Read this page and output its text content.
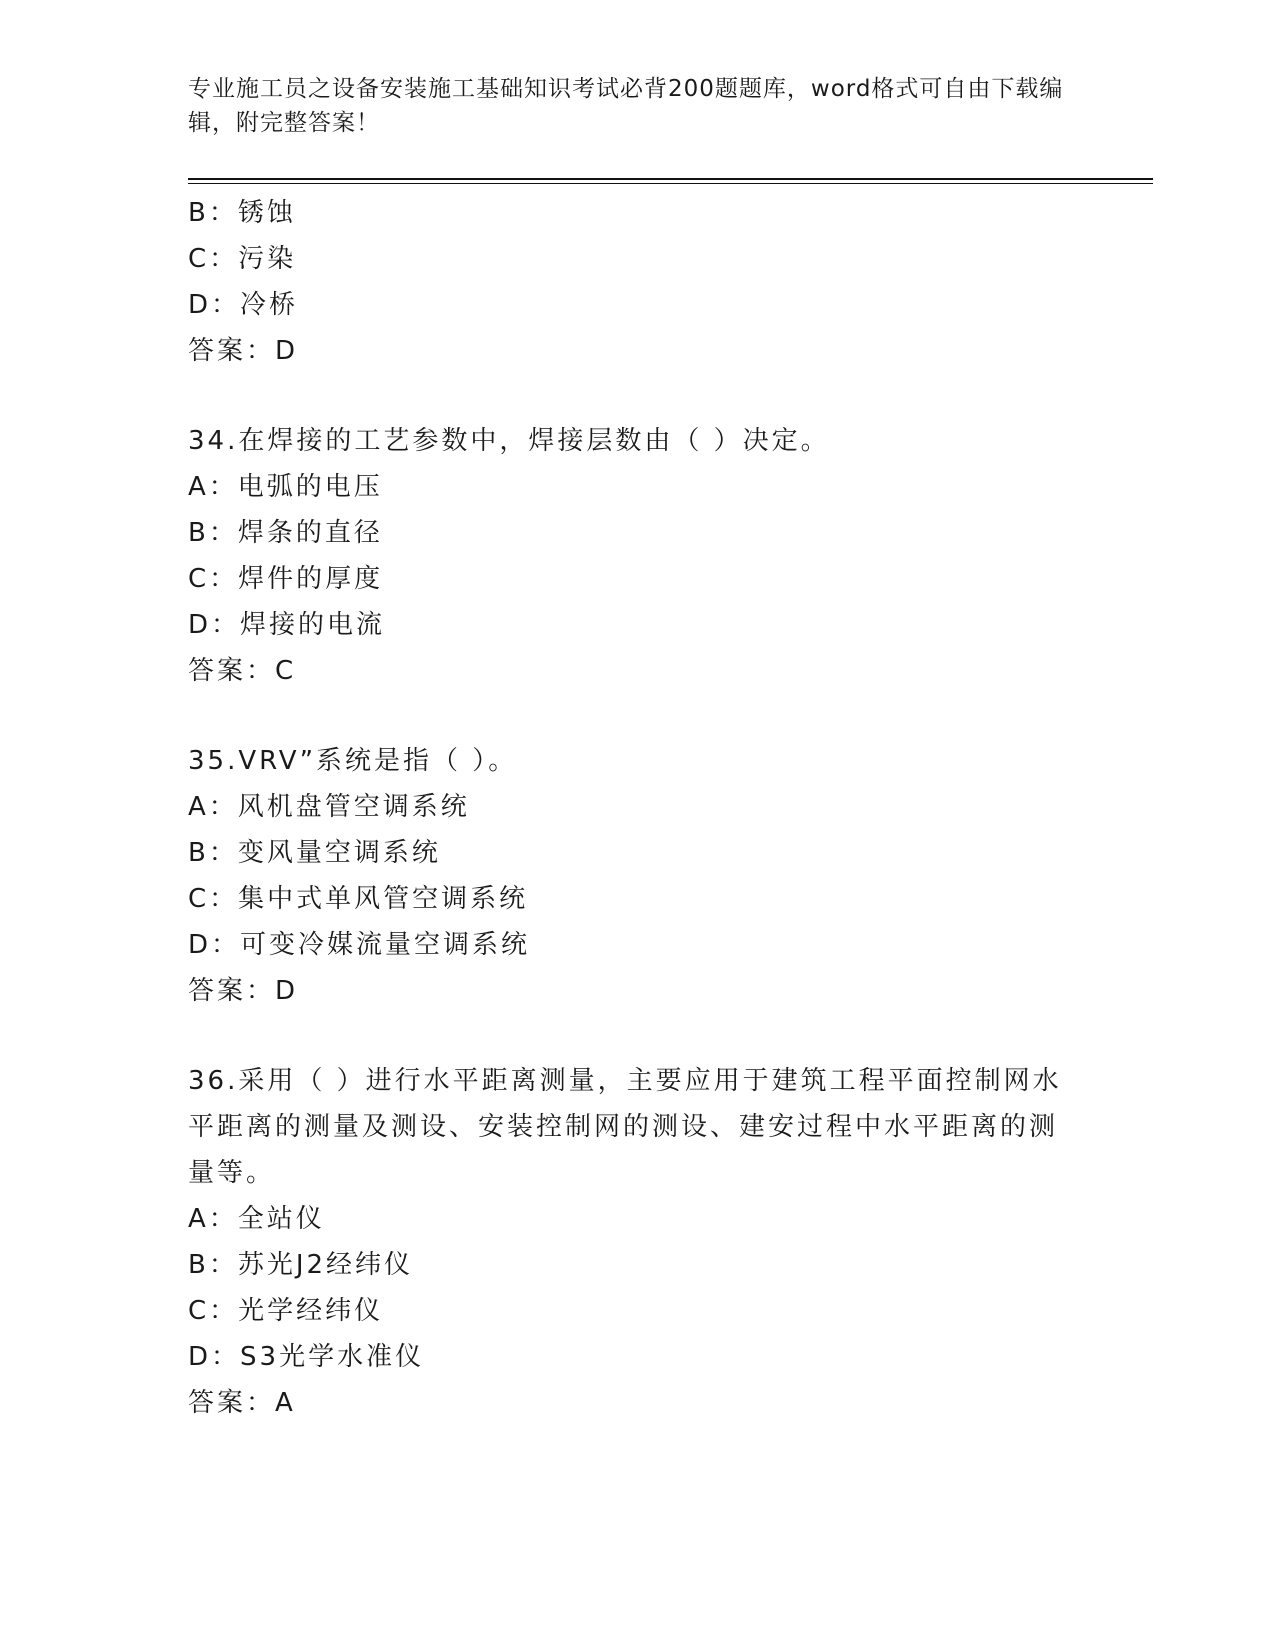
专业施工员之设备安装施工基础知识考试必背200题题库，word格式可自由下载编辑，附完整答案！
B：锈蚀
C：污染
D：冷桥
答案：D
34.在焊接的工艺参数中，焊接层数由（ ）决定。
A：电弧的电压
B：焊条的直径
C：焊件的厚度
D：焊接的电流
答案：C
35.VRV”系统是指（ ）。
A：风机盘管空调系统
B：变风量空调系统
C：集中式单风管空调系统
D：可变冷媒流量空调系统
答案：D
36.采用（ ）进行水平距离测量，主要应用于建筑工程平面控制网水平距离的测量及测设、安装控制网的测设、建安过程中水平距离的测量等。
A：全站仪
B：苏光J2经纬仪
C：光学经纬仪
D：S3光学水准仪
答案：A
